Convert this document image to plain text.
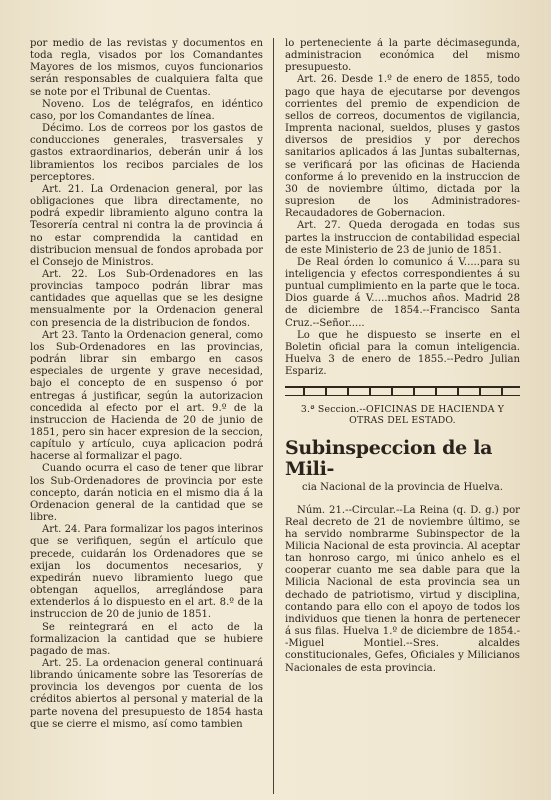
por medio de las revistas y documentos en toda regla, visados por los Comandantes Mayores de los mismos, cuyos funcionarios serán responsables de cualquiera falta que se note por el Tribunal de Cuentas.

Noveno. Los de telégrafos, en idéntico caso, por los Comandantes de línea.

Décimo. Los de correos por los gastos de conducciones generales, trasversales y gastos extraordinarios, deberán unir á los libramientos los recibos parciales de los perceptores.

Art. 21. La Ordenacion general, por las obligaciones que libra directamente, no podrá expedir libramiento alguno contra la Tesorería central ni contra la de provincia á no estar comprendida la cantidad en distribucion mensual de fondos aprobada por el Consejo de Ministros.

Art. 22. Los Sub-Ordenadores en las provincias tampoco podrán librar mas cantidades que aquellas que se les designe mensualmente por la Ordenacion general con presencia de la distribucion de fondos.

Art 23. Tanto la Ordenacion general, como los Sub-Ordenadores en las provincias, podrán librar sin embargo en casos especiales de urgente y grave necesidad, bajo el concepto de en suspenso ó por entregas á justificar, según la autorizacion concedida al efecto por el art. 9.º de la instruccion de Hacienda de 20 de junio de 1851, pero sin hacer expresion de la seccion, capítulo y artículo, cuya aplicacion podrá hacerse al formalizar el pago.

Cuando ocurra el caso de tener que librar los Sub-Ordenadores de provincia por este concepto, darán noticia en el mismo dia á la Ordenacion general de la cantidad que se libre.

Art. 24. Para formalizar los pagos interinos que se verifiquen, según el artículo que precede, cuidarán los Ordenadores que se exijan los documentos necesarios, y expedirán nuevo libramiento luego que obtengan aquellos, arreglándose para extenderlos á lo dispuesto en el art. 8.º de la instruccion de 20 de junio de 1851.

Se reintegrará en el acto de la formalizacion la cantidad que se hubiere pagado de mas.

Art. 25. La ordenacion general continuará librando únicamente sobre las Tesorerías de provincia los devengos por cuenta de los créditos abiertos al personal y material de la parte novena del presupuesto de 1854 hasta que se cierre el mismo, así como tambien

lo perteneciente á la parte décimasegunda, administracion económica del mismo presupuesto.

Art. 26. Desde 1.º de enero de 1855, todo pago que haya de ejecutarse por devengos corrientes del premio de expendicion de sellos de correos, documentos de vigilancia, Imprenta nacional, sueldos, pluses y gastos diversos de presidios y por derechos sanitarios aplicados á las Juntas subalternas, se verificará por las oficinas de Hacienda conforme á lo prevenido en la instruccion de 30 de noviembre último, dictada por la supresion de los Administradores-Recaudadores de Gobernacion.

Art. 27. Queda derogada en todas sus partes la instruccion de contabilidad especial de este Ministerio de 23 de junio de 1851.

De Real órden lo comunico á V.....para su inteligencia y efectos correspondientes á su puntual cumplimiento en la parte que le toca. Dios guarde á V.....muchos años. Madrid 28 de diciembre de 1854.--Francisco Santa Cruz.--Señor.....

Lo que he dispuesto se inserte en el Boletin oficial para la comun inteligencia. Huelva 3 de enero de 1855.--Pedro Julian Espariz.

3.ª Seccion.--OFICINAS DE HACIENDA Y OTRAS DEL ESTADO.
Subinspeccion de la Mili-

cia Nacional de la provincia de Huelva.

Núm. 21.--Circular.--La Reina (q. D. g.) por Real decreto de 21 de noviembre último, se ha servido nombrarme Subinspector de la Milicia Nacional de esta provincia. Al aceptar tan honroso cargo, mi único anhelo es el cooperar cuanto me sea dable para que la Milicia Nacional de esta provincia sea un dechado de patriotismo, virtud y disciplina, contando para ello con el apoyo de todos los individuos que tienen la honra de pertenecer á sus filas. Huelva 1.º de diciembre de 1854.--Miguel Montiel.--Sres. alcaldes constitucionales, Gefes, Oficiales y Milicianos Nacionales de esta provincia.
